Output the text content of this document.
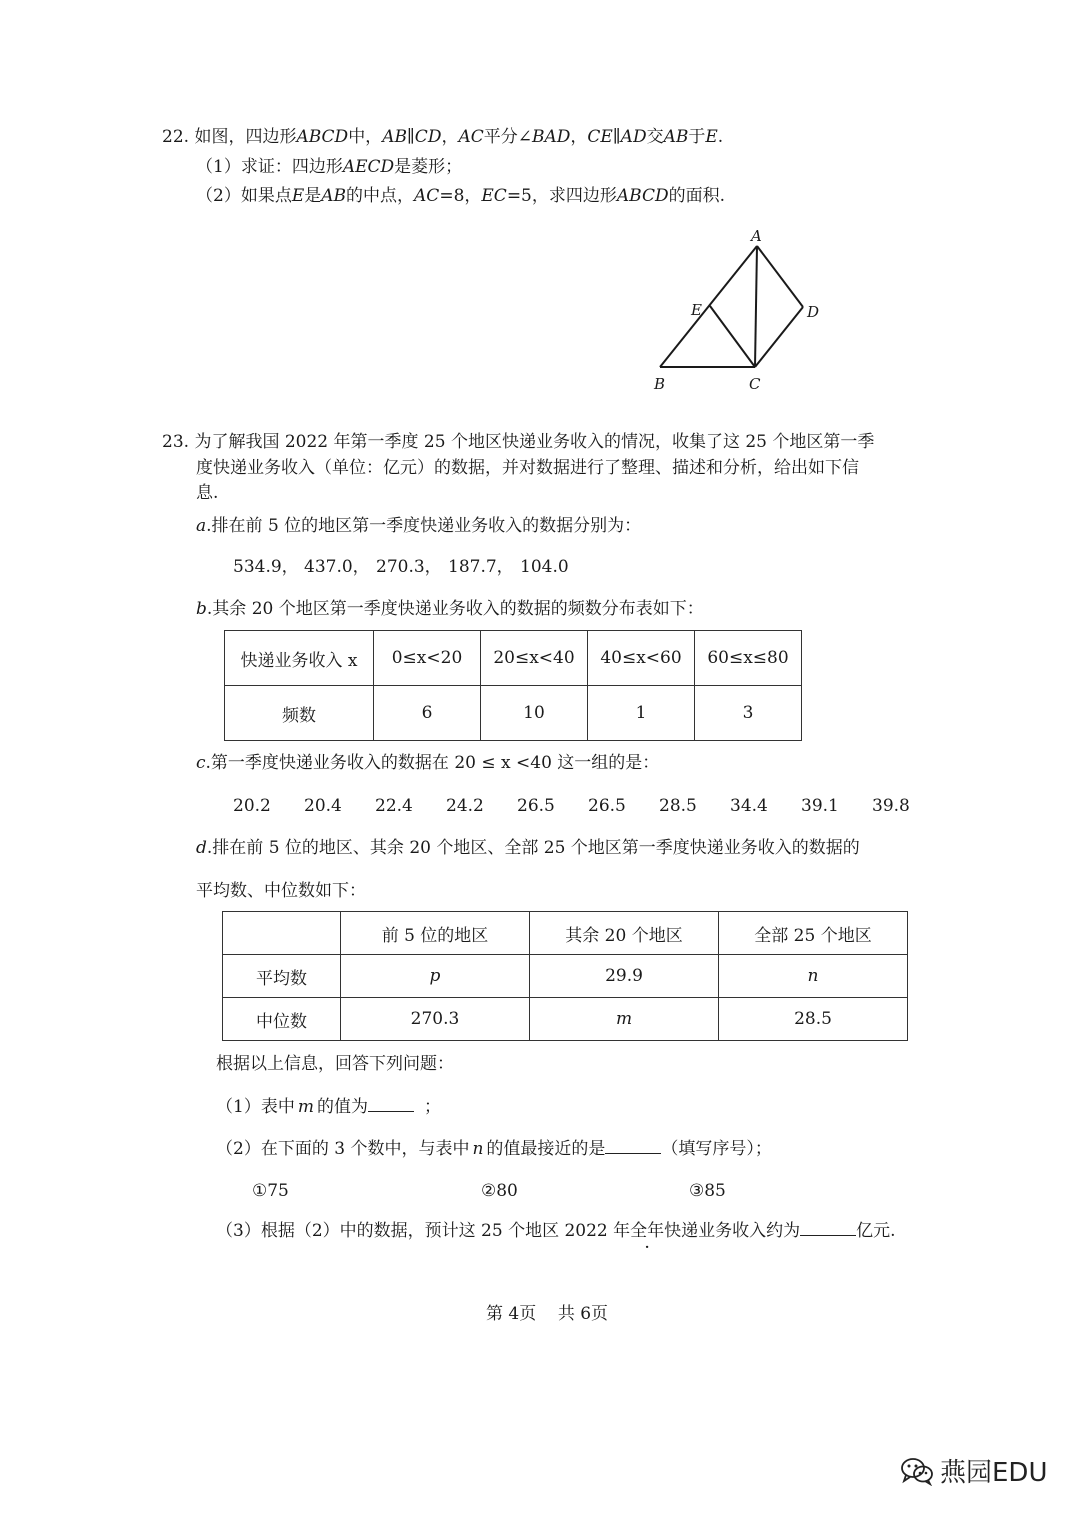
22. 如图，四边形ABCD中，AB∥CD，AC平分∠BAD，CE∥AD交AB于E.
（1）求证：四边形AECD是菱形；
（2）如果点E是AB的中点，AC=8，EC=5，求四边形ABCD的面积.
A
E	D
B	C
23. 为了解我国 2022 年第一季度 25 个地区快递业务收入的情况，收集了这 25 个地区第一季
度快递业务收入（单位：亿元）的数据，并对数据进行了整理、描述和分析，给出如下信
息.
a.排在前 5 位的地区第一季度快递业务收入的数据分别为：
534.9， 437.0， 270.3， 187.7， 104.0
b.其余 20 个地区第一季度快递业务收入的数据的频数分布表如下：
快递业务收入 x	0≤x<20	20≤x<40	40≤x<60	60≤x≤80
频数	6	10	1	3
c.第一季度快递业务收入的数据在 20 ≤ x <40 这一组的是：
20.2 20.4 22.4 24.2 26.5 26.5 28.5 34.4 39.1 39.8
d.排在前 5 位的地区、其余 20 个地区、全部 25 个地区第一季度快递业务收入的数据的
平均数、中位数如下：
	前 5 位的地区	其余 20 个地区	全部 25 个地区
平均数	p	29.9	n
中位数	270.3	m	28.5
根据以上信息，回答下列问题：
（1）表中 m 的值为	；
（2）在下面的 3 个数中，与表中 n 的值最接近的是	（填写序号）；
①75	②80	③85
（3）根据（2）中的数据，预计这 25 个地区 2022 年全年快递业务收入约为	亿元.
第 4页    共 6页
燕园EDU
